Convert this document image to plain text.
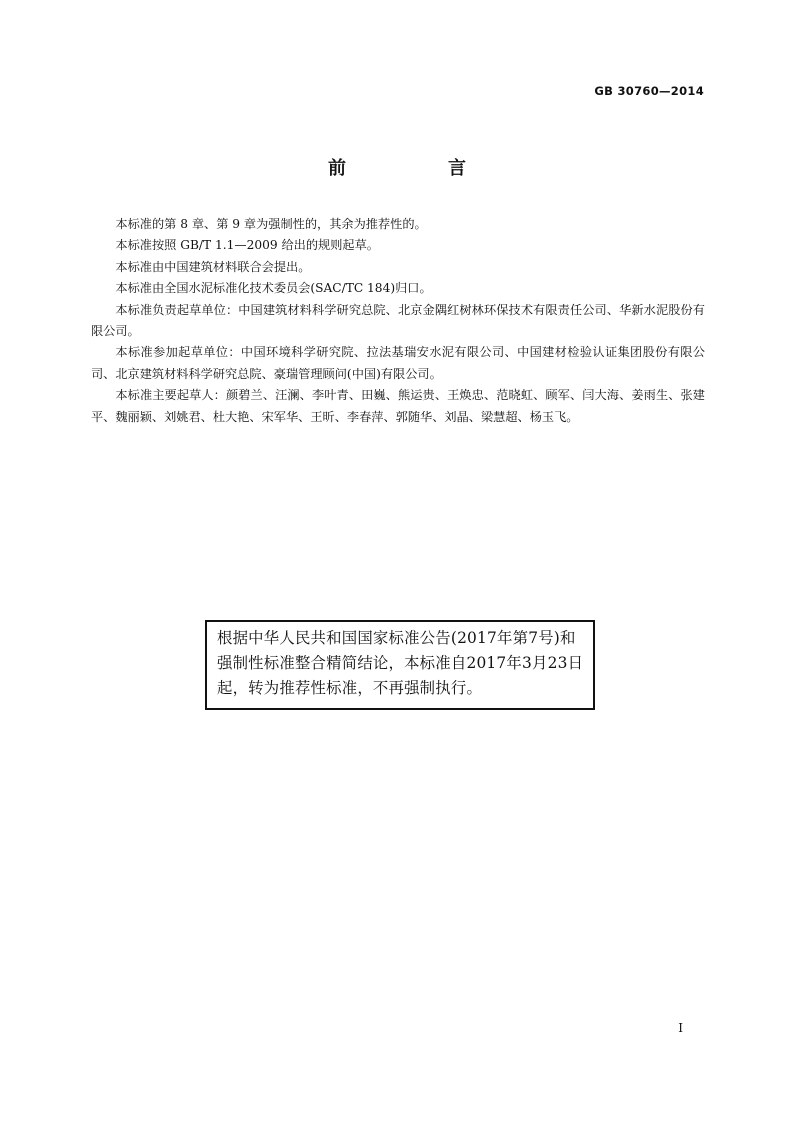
GB 30760—2014
前　言

本标准的第 8 章、第 9 章为强制性的，其余为推荐性的。

本标准按照 GB/T 1.1—2009 给出的规则起草。

本标准由中国建筑材料联合会提出。

本标准由全国水泥标准化技术委员会(SAC/TC 184)归口。

本标准负责起草单位：中国建筑材料科学研究总院、北京金隅红树林环保技术有限责任公司、华新水泥股份有限公司。

本标准参加起草单位：中国环境科学研究院、拉法基瑞安水泥有限公司、中国建材检验认证集团股份有限公司、北京建筑材料科学研究总院、豪瑞管理顾问(中国)有限公司。

本标准主要起草人：颜碧兰、汪澜、李叶青、田巍、熊运贵、王焕忠、范晓虹、顾军、闫大海、姜雨生、张建平、魏丽颖、刘姚君、杜大艳、宋军华、王昕、李春萍、郭随华、刘晶、梁慧超、杨玉飞。

根据中华人民共和国国家标准公告(2017年第7号)和强制性标准整合精简结论，本标准自2017年3月23日起，转为推荐性标准，不再强制执行。
I
